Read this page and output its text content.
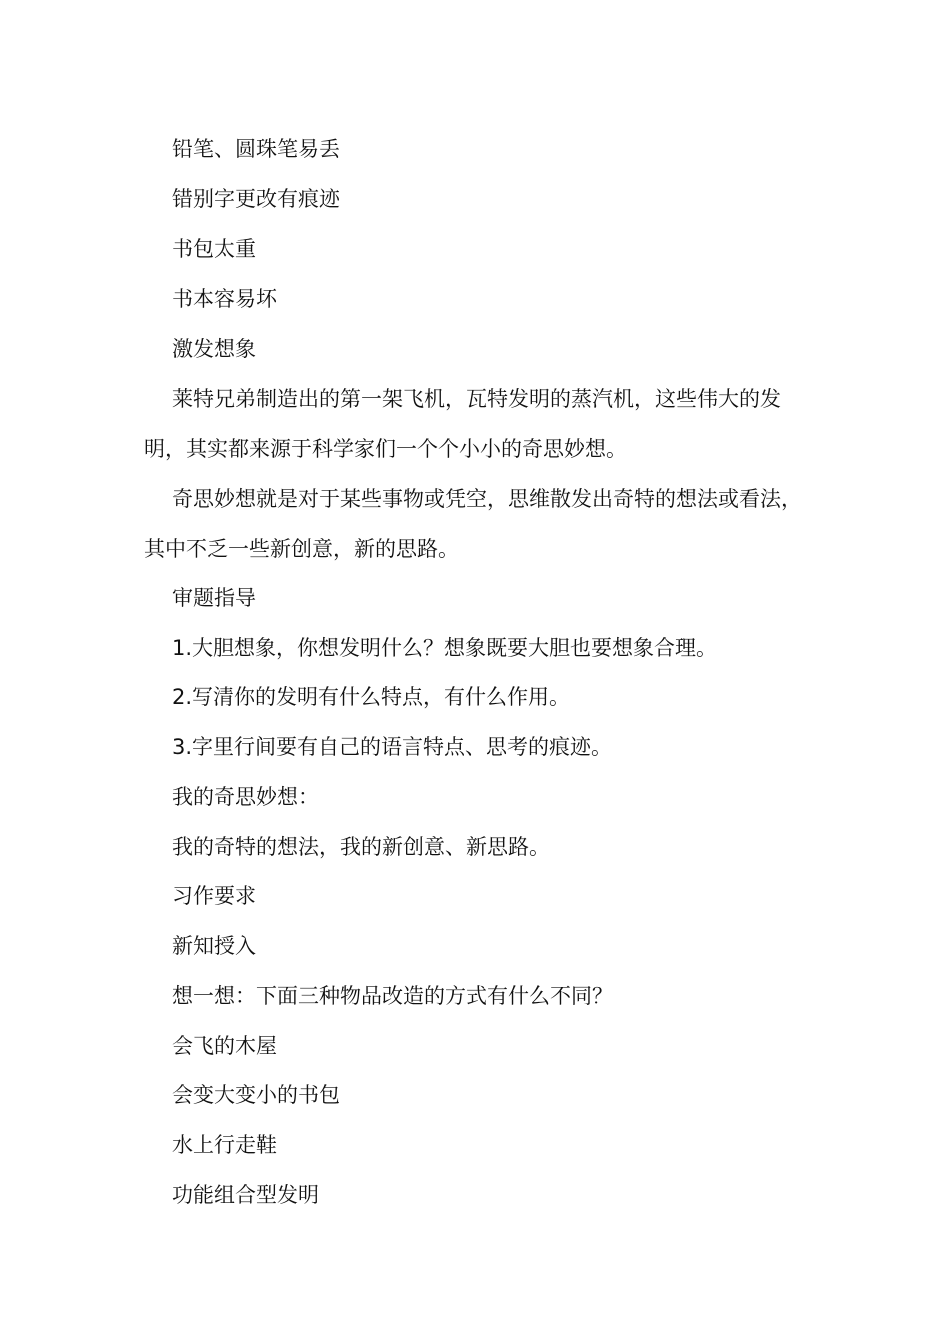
铅笔、圆珠笔易丢

错别字更改有痕迹

书包太重

书本容易坏

激发想象

莱特兄弟制造出的第一架飞机，瓦特发明的蒸汽机，这些伟大的发明，其实都来源于科学家们一个个小小的奇思妙想。

奇思妙想就是对于某些事物或凭空，思维散发出奇特的想法或看法，其中不乏一些新创意，新的思路。

审题指导

1.大胆想象，你想发明什么？想象既要大胆也要想象合理。

2.写清你的发明有什么特点，有什么作用。

3.字里行间要有自己的语言特点、思考的痕迹。

我的奇思妙想：

我的奇特的想法，我的新创意、新思路。

习作要求

新知授入

想一想：下面三种物品改造的方式有什么不同？

会飞的木屋

会变大变小的书包

水上行走鞋

功能组合型发明
